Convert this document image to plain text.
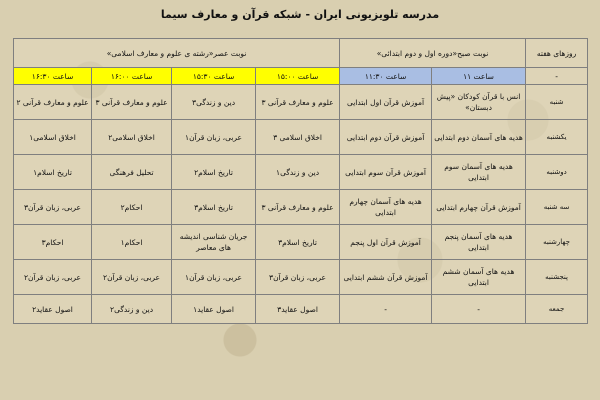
مدرسه تلویزیونی ایران - شبکه قرآن و معارف سیما
روزهای هفته	نوبت صبح«دوره اول و دوم ابتدائی»		نوبت عصر«رشته ی علوم و معارف اسلامی»			
-	ساعت ۱۱	ساعت ۱۱:۳۰	ساعت ۱۵:۰۰	ساعت ۱۵:۳۰	ساعت ۱۶:۰۰	ساعت ۱۶:۳۰
شنبه	انس با قرآن کودکان «پیش دبستان»	آموزش قرآن اول ابتدایی	علوم و معارف قرآنی ۳	دین و زندگی۳	علوم و معارف قرآنی ۳	علوم و معارف قرآنی ۲
یکشنبه	هدیه های آسمان دوم ابتدایی	آموزش قرآن دوم ابتدایی	اخلاق اسلامی ۳	عربی، زبان قرآن۱	اخلاق اسلامی۲	اخلاق اسلامی۱
دوشنبه	هدیه های آسمان سوم ابتدایی	آموزش قرآن سوم ابتدایی	دین و زندگی۱	تاریخ اسلام۲	تحلیل فرهنگی	تاریخ اسلام۱
سه شنبه	آموزش قرآن چهارم ابتدایی	هدیه های آسمان چهارم ابتدایی	علوم و معارف قرآنی ۳	تاریخ اسلام۳	احکام۲	عربی، زبان قرآن۳
چهارشنبه	هدیه های آسمان پنجم ابتدایی	آموزش قرآن اول پنجم	تاریخ اسلام۳	جریان شناسی اندیشه های معاصر	احکام۱	احکام۳
پنجشنبه	هدیه های آسمان ششم ابتدایی	آموزش قرآن ششم ابتدایی	عربی، زبان قرآن۳	عربی، زبان قرآن۱	عربی، زبان قرآن۲	عربی، زبان قرآن۲
جمعه	-	-	اصول عقاید۳	اصول عقاید۱	دین و زندگی۲	اصول عقاید۲
